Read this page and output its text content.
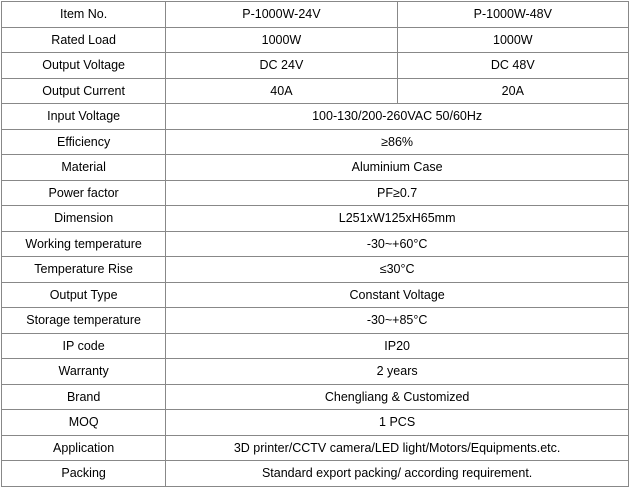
Item No.	P-1000W-24V	P-1000W-48V
Rated Load	1000W	1000W
Output Voltage	DC 24V	DC 48V
Output Current	40A	20A
Input Voltage	100-130/200-260VAC 50/60Hz	
Efficiency	≥86%	
Material	Aluminium Case	
Power factor	PF≥0.7	
Dimension	L251xW125xH65mm	
Working temperature	-30~+60°C	
Temperature Rise	≤30°C	
Output Type	Constant Voltage	
Storage temperature	-30~+85°C	
IP code	IP20	
Warranty	2 years	
Brand	Chengliang & Customized	
MOQ	1 PCS	
Application	3D printer/CCTV camera/LED light/Motors/Equipments.etc.	
Packing	Standard export packing/ according requirement.	
